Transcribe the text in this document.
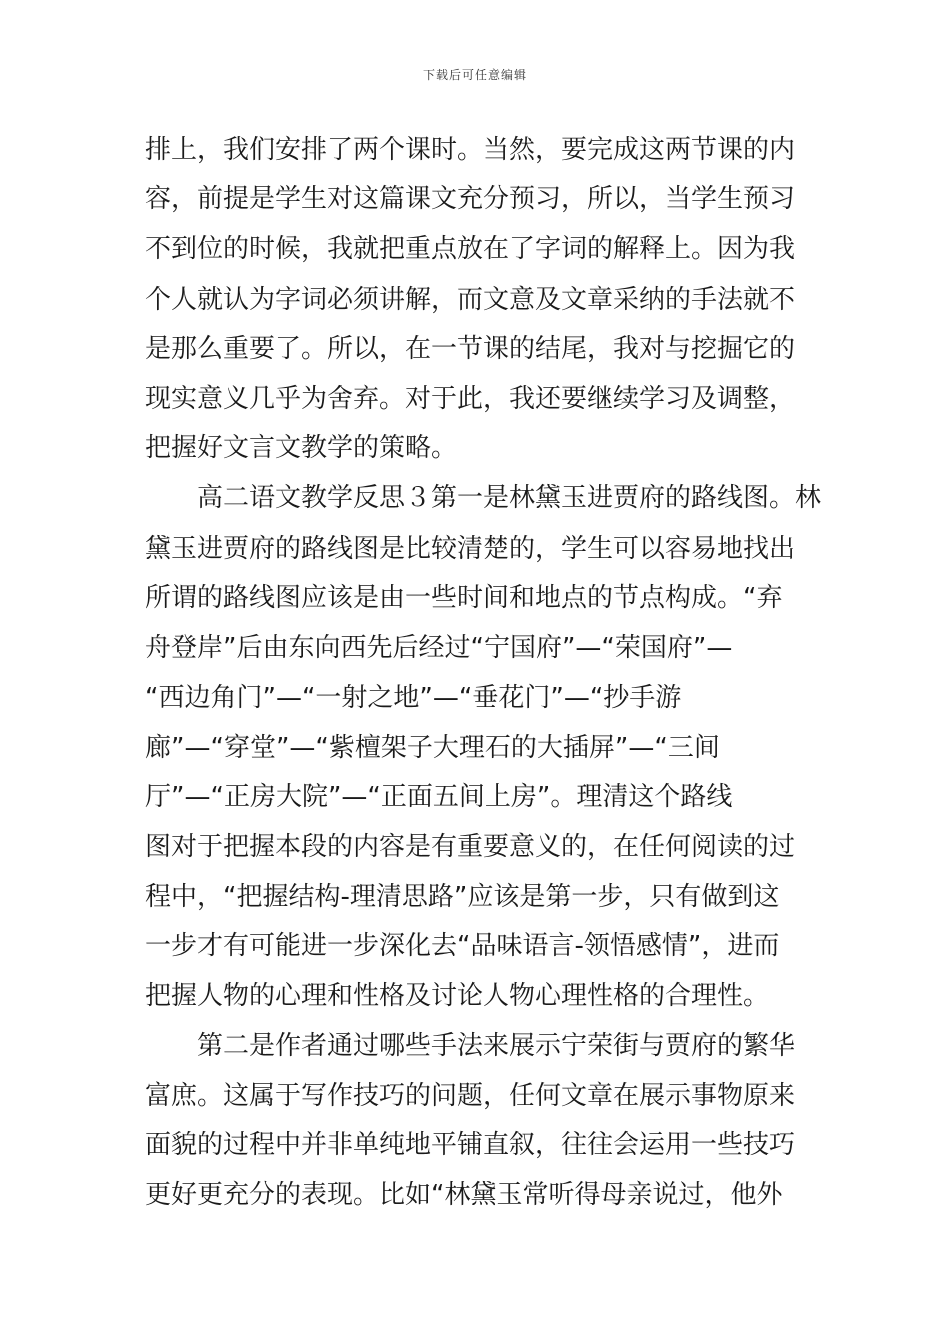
下载后可任意编辑
排上，我们安排了两个课时。当然，要完成这两节课的内
容，前提是学生对这篇课文充分预习，所以，当学生预习
不到位的时候，我就把重点放在了字词的解释上。因为我
个人就认为字词必须讲解，而文意及文章采纳的手法就不
是那么重要了。所以，在一节课的结尾，我对与挖掘它的
现实意义几乎为舍弃。对于此，我还要继续学习及调整，
把握好文言文教学的策略。
　　高二语文教学反思３第一是林黛玉进贾府的路线图。林
黛玉进贾府的路线图是比较清楚的，学生可以容易地找出
所谓的路线图应该是由一些时间和地点的节点构成。“弃
舟登岸”后由东向西先后经过“宁国府”—“荣国府”—
“西边角门”—“一射之地”—“垂花门”—“抄手游
廊”—“穿堂”—“紫檀架子大理石的大插屏”—“三间
厅”—“正房大院”—“正面五间上房”。理清这个路线
图对于把握本段的内容是有重要意义的，在任何阅读的过
程中，“把握结构-理清思路”应该是第一步，只有做到这
一步才有可能进一步深化去“品味语言-领悟感情”，进而
把握人物的心理和性格及讨论人物心理性格的合理性。
　　第二是作者通过哪些手法来展示宁荣街与贾府的繁华
富庶。这属于写作技巧的问题，任何文章在展示事物原来
面貌的过程中并非单纯地平铺直叙，往往会运用一些技巧
更好更充分的表现。比如“林黛玉常听得母亲说过，他外
